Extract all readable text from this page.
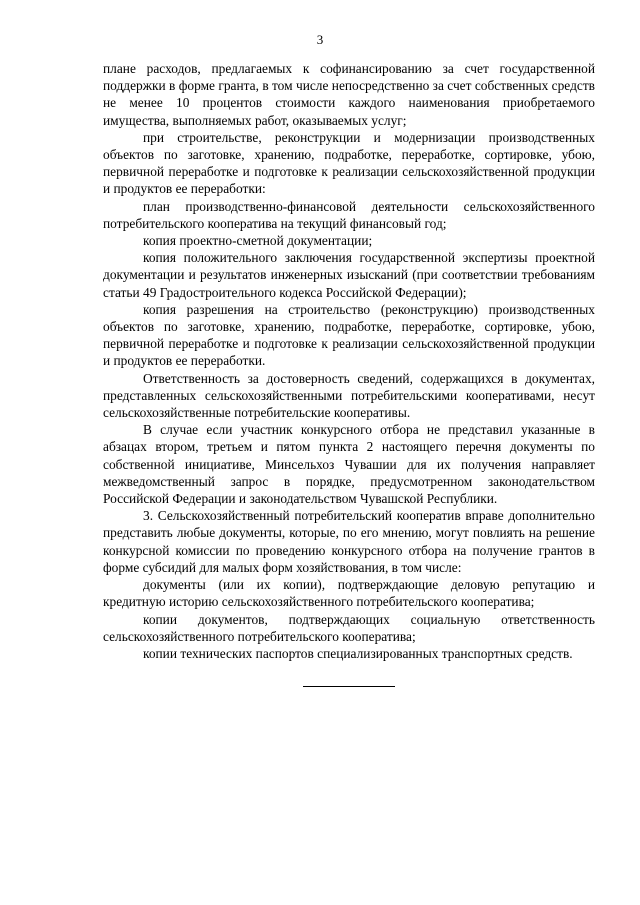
3

плане расходов, предлагаемых к софинансированию за счет государственной поддержки в форме гранта, в том числе непосредственно за счет собственных средств не менее 10 процентов стоимости каждого наименования приобретаемого имущества, выполняемых работ, оказываемых услуг;

при строительстве, реконструкции и модернизации производственных объектов по заготовке, хранению, подработке, переработке, сортировке, убою, первичной переработке и подготовке к реализации сельскохозяйственной продукции и продуктов ее переработки:

план производственно-финансовой деятельности сельскохозяйственного потребительского кооператива на текущий финансовый год;

копия проектно-сметной документации;

копия положительного заключения государственной экспертизы проектной документации и результатов инженерных изысканий (при соответствии требованиям статьи 49 Градостроительного кодекса Российской Федерации);

копия разрешения на строительство (реконструкцию) производственных объектов по заготовке, хранению, подработке, переработке, сортировке, убою, первичной переработке и подготовке к реализации сельскохозяйственной продукции и продуктов ее переработки.

Ответственность за достоверность сведений, содержащихся в документах, представленных сельскохозяйственными потребительскими кооперативами, несут сельскохозяйственные потребительские кооперативы.

В случае если участник конкурсного отбора не представил указанные в абзацах втором, третьем и пятом пункта 2 настоящего перечня документы по собственной инициативе, Минсельхоз Чувашии для их получения направляет межведомственный запрос в порядке, предусмотренном законодательством Российской Федерации и законодательством Чувашской Республики.

3. Сельскохозяйственный потребительский кооператив вправе дополнительно представить любые документы, которые, по его мнению, могут повлиять на решение конкурсной комиссии по проведению конкурсного отбора на получение грантов в форме субсидий для малых форм хозяйствования, в том числе:

документы (или их копии), подтверждающие деловую репутацию и кредитную историю сельскохозяйственного потребительского кооператива;

копии документов, подтверждающих социальную ответственность сельскохозяйственного потребительского кооператива;

копии технических паспортов специализированных транспортных средств.
